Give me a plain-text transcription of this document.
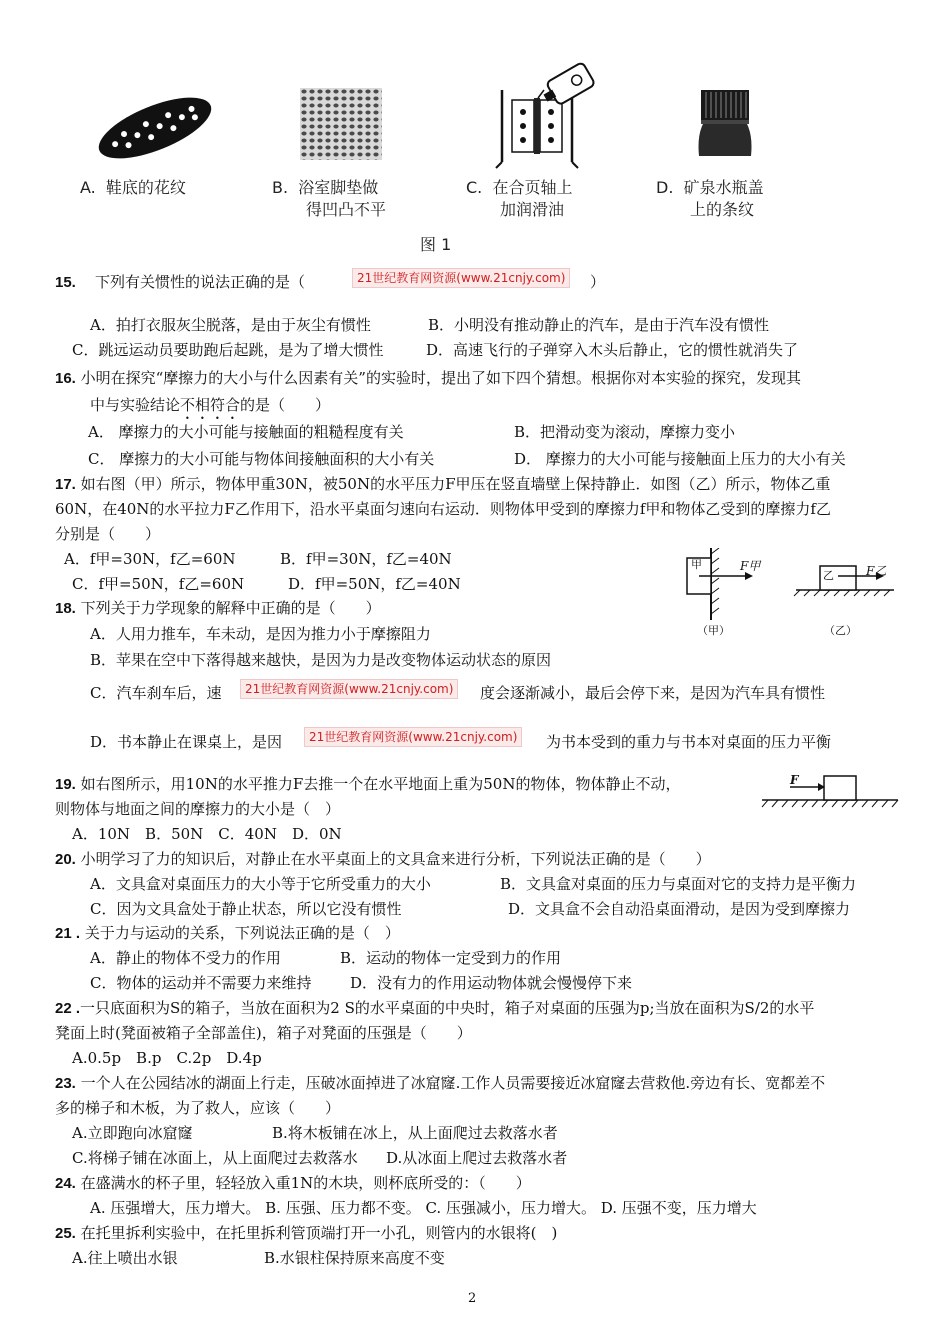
A. 鞋底的花纹	B. 浴室脚垫做
得凹凸不平
C. 在合页轴上
加润滑油
D. 矿泉水瓶盖
上的条纹
图 1
15. 下列有关惯性的说法正确的是（	21世纪教育网资源(www.21cnjy.com)	）
A．拍打衣服灰尘脱落，是由于灰尘有惯性	B．小明没有推动静止的汽车，是由于汽车没有惯性
C．跳远运动员要助跑后起跳，是为了增大惯性	D．高速飞行的子弹穿入木头后静止，它的惯性就消失了
16. 小明在探究“摩擦力的大小与什么因素有关”的实验时，提出了如下四个猜想。根据你对本实验的探究，发现其
中与实验结论不相符合的是（　　）
A． 摩擦力的大小可能与接触面的粗糙程度有关	B．把滑动变为滚动，摩擦力变小
C． 摩擦力的大小可能与物体间接触面积的大小有关	D． 摩擦力的大小可能与接触面上压力的大小有关
17. 如右图（甲）所示，物体甲重30N，被50N的水平压力F甲压在竖直墙壁上保持静止．如图（乙）所示，物体乙重
60N，在40N的水平拉力F乙作用下，沿水平桌面匀速向右运动．则物体甲受到的摩擦力f甲和物体乙受到的摩擦力f乙
分别是（　　）
A．f甲=30N，f乙=60N	B．f甲=30N，f乙=40N
C．f甲=50N，f乙=60N	D．f甲=50N，f乙=40N
甲	F甲
（甲）
乙	F乙
（乙）
18. 下列关于力学现象的解释中正确的是（　　）
A．人用力推车，车未动，是因为推力小于摩擦阻力
B．苹果在空中下落得越来越快，是因为力是改变物体运动状态的原因
C．汽车刹车后，速	21世纪教育网资源(www.21cnjy.com)	度会逐渐减小，最后会停下来，是因为汽车具有惯性
D．书本静止在课桌上，是因	21世纪教育网资源(www.21cnjy.com)	为书本受到的重力与书本对桌面的压力平衡
19. 如右图所示，用10N的水平推力F去推一个在水平地面上重为50N的物体，物体静止不动，
则物体与地面之间的摩擦力的大小是（　）
A．10N　B．50N　C．40N　D．0N
F
20. 小明学习了力的知识后，对静止在水平桌面上的文具盒来进行分析，下列说法正确的是（　　）
A．文具盒对桌面压力的大小等于它所受重力的大小	B．文具盒对桌面的压力与桌面对它的支持力是平衡力
C．因为文具盒处于静止状态，所以它没有惯性	D．文具盒不会自动沿桌面滑动，是因为受到摩擦力
21 . 关于力与运动的关系，下列说法正确的是（　）
A．静止的物体不受力的作用	B．运动的物体一定受到力的作用
C．物体的运动并不需要力来维持	D．没有力的作用运动物体就会慢慢停下来
22 .一只底面积为S的箱子，当放在面积为2 S的水平桌面的中央时，箱子对桌面的压强为p;当放在面积为S/2的水平
凳面上时(凳面被箱子全部盖住)，箱子对凳面的压强是（　　）
A.0.5p　B.p　C.2p　D.4p
23. 一个人在公园结冰的湖面上行走，压破冰面掉进了冰窟窿.工作人员需要接近冰窟窿去营救他.旁边有长、宽都差不
多的梯子和木板，为了救人，应该（　　）
A.立即跑向冰窟窿	B.将木板铺在冰上，从上面爬过去救落水者
C.将梯子铺在冰面上，从上面爬过去救落水 D.从冰面上爬过去救落水者
24. 在盛满水的杯子里，轻轻放入重1N的木块，则杯底所受的：（　　）
A. 压强增大，压力增大。 B. 压强、压力都不变。 C. 压强减小，压力增大。 D. 压强不变，压力增大
25. 在托里拆利实验中，在托里拆利管顶端打开一小孔，则管内的水银将(　)
A.往上喷出水银	B.水银柱保持原来高度不变
2
